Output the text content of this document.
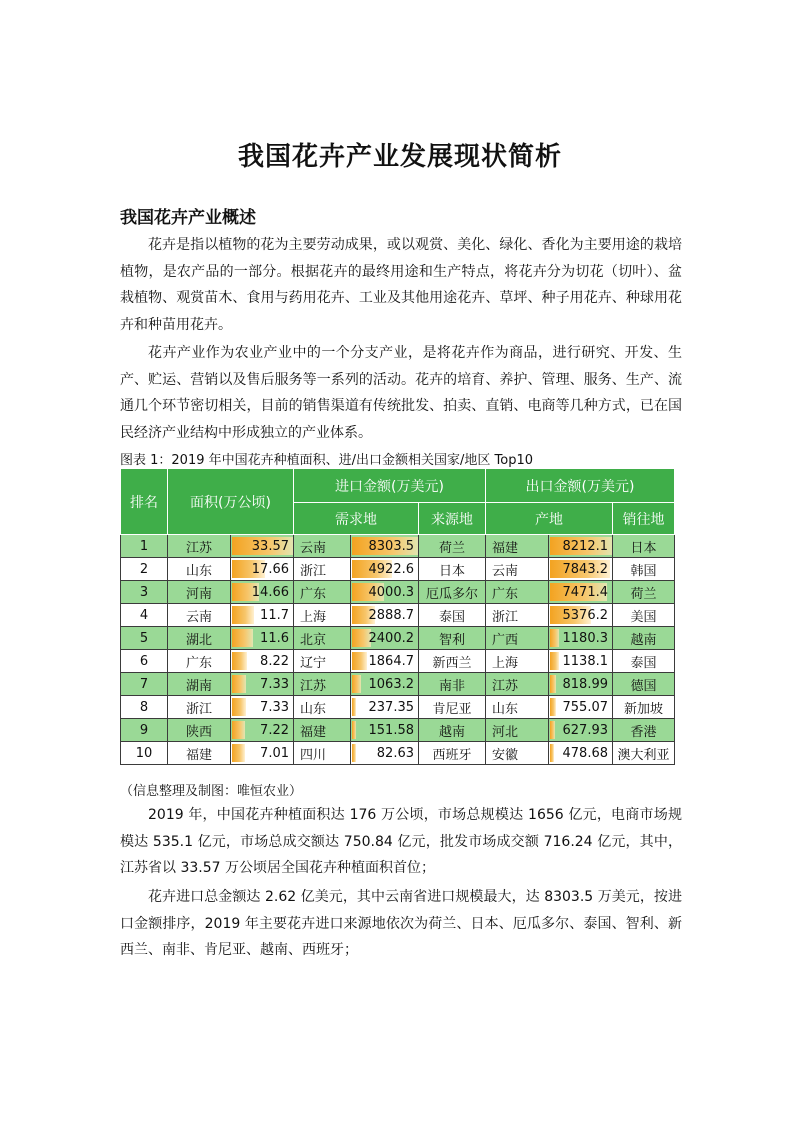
我国花卉产业发展现状简析
我国花卉产业概述

花卉是指以植物的花为主要劳动成果，或以观赏、美化、绿化、香化为主要用途的栽培植物，是农产品的一部分。根据花卉的最终用途和生产特点，将花卉分为切花（切叶）、盆栽植物、观赏苗木、食用与药用花卉、工业及其他用途花卉、草坪、种子用花卉、种球用花卉和种苗用花卉。

花卉产业作为农业产业中的一个分支产业，是将花卉作为商品，进行研究、开发、生产、贮运、营销以及售后服务等一系列的活动。花卉的培育、养护、管理、服务、生产、流通几个环节密切相关，目前的销售渠道有传统批发、拍卖、直销、电商等几种方式，已在国民经济产业结构中形成独立的产业体系。

图表 1：2019 年中国花卉种植面积、进/出口金额相关国家/地区 Top10
排名	面积(万公顷)		进口金额(万美元)			出口金额(万美元)		
			需求地		来源地	产地		销往地
1	江苏	33.57	云南	8303.5	荷兰	福建	8212.1	日本
2	山东	17.66	浙江	4922.6	日本	云南	7843.2	韩国
3	河南	14.66	广东	4000.3	厄瓜多尔	广东	7471.4	荷兰
4	云南	11.7	上海	2888.7	泰国	浙江	5376.2	美国
5	湖北	11.6	北京	2400.2	智利	广西	1180.3	越南
6	广东	8.22	辽宁	1864.7	新西兰	上海	1138.1	泰国
7	湖南	7.33	江苏	1063.2	南非	江苏	818.99	德国
8	浙江	7.33	山东	237.35	肯尼亚	山东	755.07	新加坡
9	陕西	7.22	福建	151.58	越南	河北	627.93	香港
10	福建	7.01	四川	82.63	西班牙	安徽	478.68	澳大利亚
（信息整理及制图：唯恒农业）

2019 年，中国花卉种植面积达 176 万公顷，市场总规模达 1656 亿元，电商市场规模达 535.1 亿元，市场总成交额达 750.84 亿元，批发市场成交额 716.24 亿元，其中，江苏省以 33.57 万公顷居全国花卉种植面积首位；

花卉进口总金额达 2.62 亿美元，其中云南省进口规模最大，达 8303.5 万美元，按进口金额排序，2019 年主要花卉进口来源地依次为荷兰、日本、厄瓜多尔、泰国、智利、新西兰、南非、肯尼亚、越南、西班牙；
